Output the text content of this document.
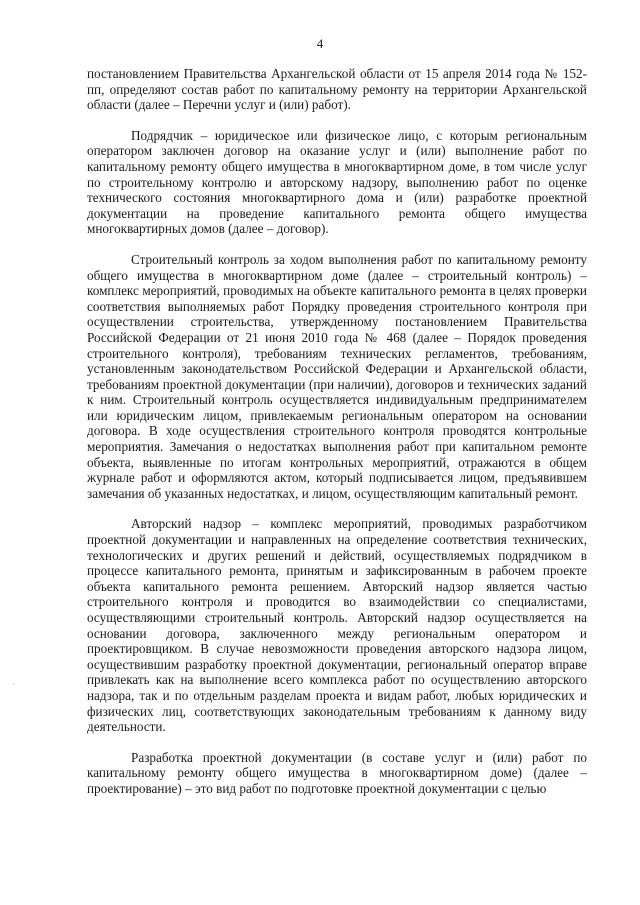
4

постановлением Правительства Архангельской области от 15 апреля 2014 года № 152-пп, определяют состав работ по капитальному ремонту на территории Архангельской области (далее – Перечни услуг и (или) работ).

Подрядчик – юридическое или физическое лицо, с которым региональным оператором заключен договор на оказание услуг и (или) выполнение работ по капитальному ремонту общего имущества в многоквартирном доме, в том числе услуг по строительному контролю и авторскому надзору, выполнению работ по оценке технического состояния многоквартирного дома и (или) разработке проектной документации на проведение капитального ремонта общего имущества многоквартирных домов (далее – договор).

Строительный контроль за ходом выполнения работ по капитальному ремонту общего имущества в многоквартирном доме (далее – строительный контроль) – комплекс мероприятий, проводимых на объекте капитального ремонта в целях проверки соответствия выполняемых работ Порядку проведения строительного контроля при осуществлении строительства, утвержденному постановлением Правительства Российской Федерации от 21 июня 2010 года № 468 (далее – Порядок проведения строительного контроля), требованиям технических регламентов, требованиям, установленным законодательством Российской Федерации и Архангельской области, требованиям проектной документации (при наличии), договоров и технических заданий к ним. Строительный контроль осуществляется индивидуальным предпринимателем или юридическим лицом, привлекаемым региональным оператором на основании договора. В ходе осуществления строительного контроля проводятся контрольные мероприятия. Замечания о недостатках выполнения работ при капитальном ремонте объекта, выявленные по итогам контрольных мероприятий, отражаются в общем журнале работ и оформляются актом, который подписывается лицом, предъявившем замечания об указанных недостатках, и лицом, осуществляющим капитальный ремонт.

Авторский надзор – комплекс мероприятий, проводимых разработчиком проектной документации и направленных на определение соответствия технических, технологических и других решений и действий, осуществляемых подрядчиком в процессе капитального ремонта, принятым и зафиксированным в рабочем проекте объекта капитального ремонта решением. Авторский надзор является частью строительного контроля и проводится во взаимодействии со специалистами, осуществляющими строительный контроль. Авторский надзор осуществляется на основании договора, заключенного между региональным оператором и проектировщиком. В случае невозможности проведения авторского надзора лицом, осуществившим разработку проектной документации, региональный оператор вправе привлекать как на выполнение всего комплекса работ по осуществлению авторского надзора, так и по отдельным разделам проекта и видам работ, любых юридических и физических лиц, соответствующих законодательным требованиям к данному виду деятельности.

Разработка проектной документации (в составе услуг и (или) работ по капитальному ремонту общего имущества в многоквартирном доме) (далее – проектирование) – это вид работ по подготовке проектной документации с целью

·
